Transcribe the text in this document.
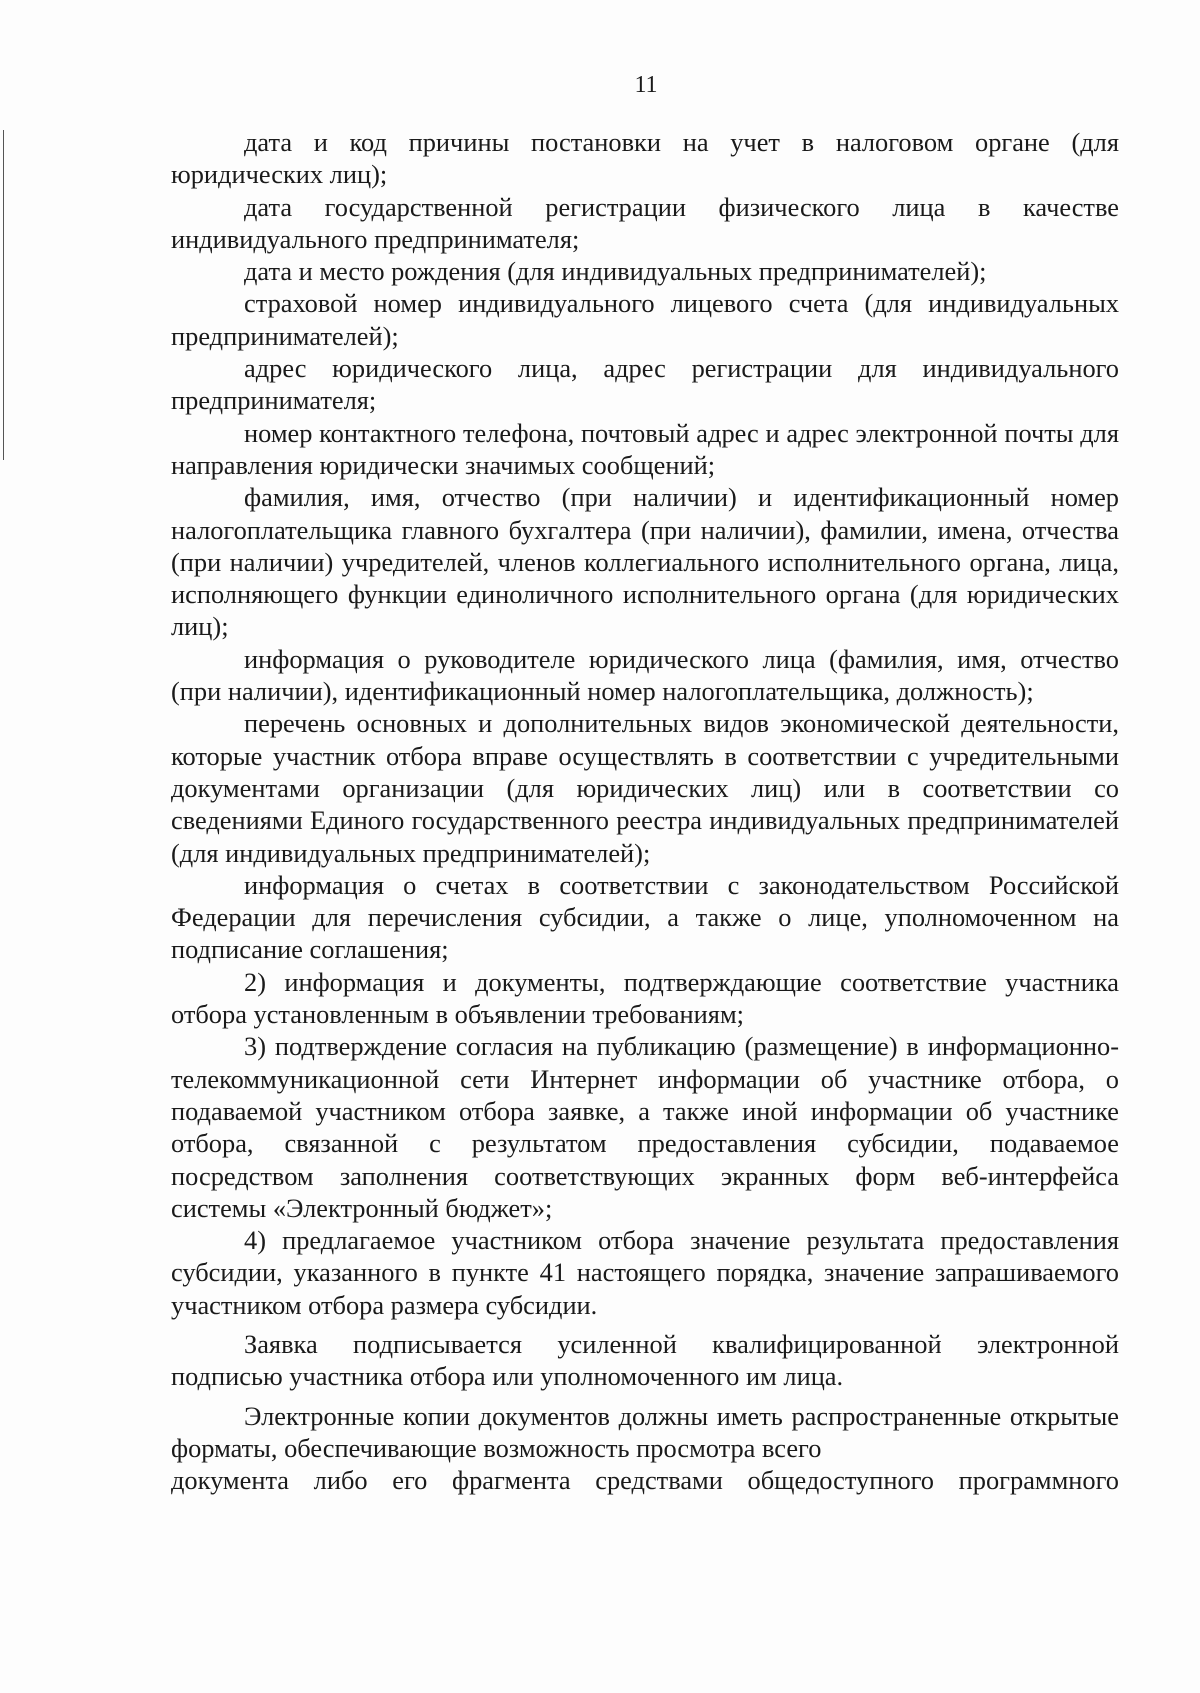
11

дата и код причины постановки на учет в налоговом органе (для юридических лиц);

дата государственной регистрации физического лица в качестве индивидуального предпринимателя;

дата и место рождения (для индивидуальных предпринимателей);

страховой номер индивидуального лицевого счета (для индивидуальных предпринимателей);

адрес юридического лица, адрес регистрации для индивидуального предпринимателя;

номер контактного телефона, почтовый адрес и адрес электронной почты для направления юридически значимых сообщений;

фамилия, имя, отчество (при наличии) и идентификационный номер налогоплательщика главного бухгалтера (при наличии), фамилии, имена, отчества (при наличии) учредителей, членов коллегиального исполнительного органа, лица, исполняющего функции единоличного исполнительного органа (для юридических лиц);

информация о руководителе юридического лица (фамилия, имя, отчество (при наличии), идентификационный номер налогоплательщика, должность);

перечень основных и дополнительных видов экономической деятельности, которые участник отбора вправе осуществлять в соответствии с учредительными документами организации (для юридических лиц) или в соответствии со сведениями Единого государственного реестра индивидуальных предпринимателей (для индивидуальных предпринимателей);

информация о счетах в соответствии с законодательством Российской Федерации для перечисления субсидии, а также о лице, уполномоченном на подписание соглашения;

2) информация и документы, подтверждающие соответствие участника отбора установленным в объявлении требованиям;

3) подтверждение согласия на публикацию (размещение) в информационно-телекоммуникационной сети Интернет информации об участнике отбора, о подаваемой участником отбора заявке, а также иной информации об участнике отбора, связанной с результатом предоставления субсидии, подаваемое посредством заполнения соответствующих экранных форм веб-интерфейса системы «Электронный бюджет»;

4) предлагаемое участником отбора значение результата предоставления субсидии, указанного в пункте 41 настоящего порядка, значение запрашиваемого участником отбора размера субсидии.

Заявка подписывается усиленной квалифицированной электронной подписью участника отбора или уполномоченного им лица.

Электронные копии документов должны иметь распространенные открытые форматы, обеспечивающие возможность просмотра всего

документа либо его фрагмента средствами общедоступного программного
